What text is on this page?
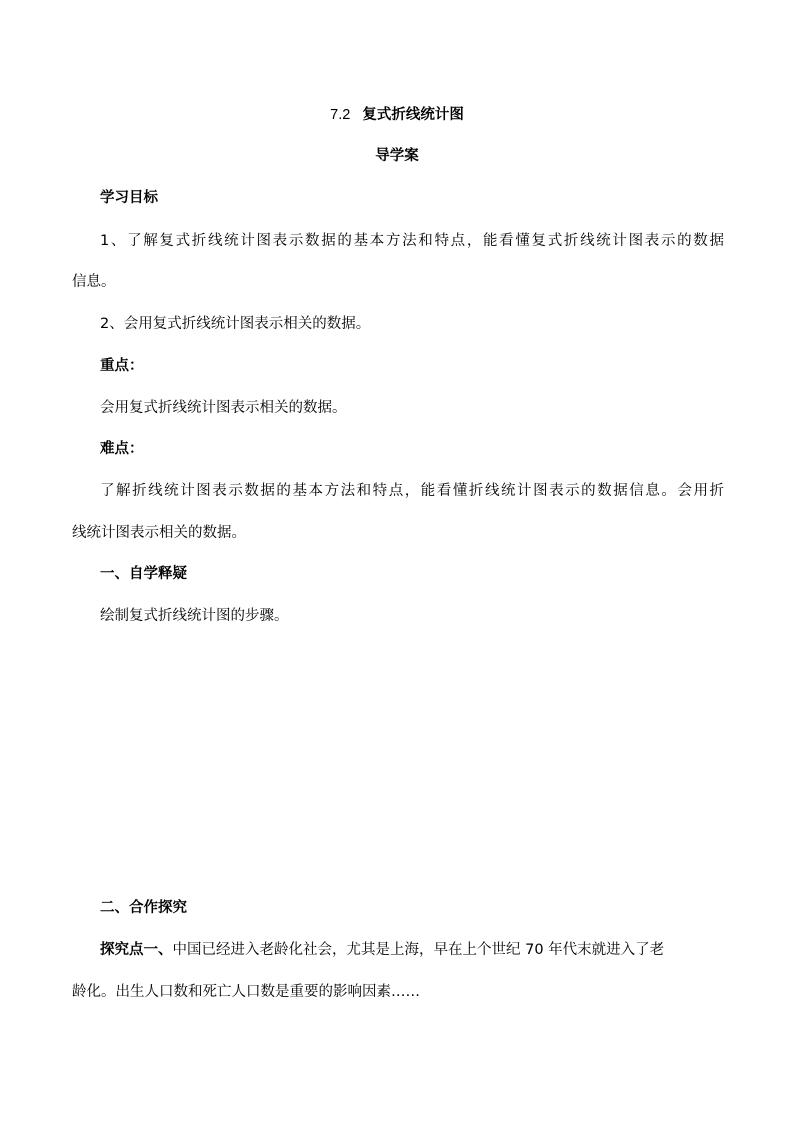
7.2 复式折线统计图
导学案
学习目标
1、了解复式折线统计图表示数据的基本方法和特点，能看懂复式折线统计图表示的数据
信息。
2、会用复式折线统计图表示相关的数据。
重点：
会用复式折线统计图表示相关的数据。
难点：
了解折线统计图表示数据的基本方法和特点，能看懂折线统计图表示的数据信息。会用折
线统计图表示相关的数据。
一、自学释疑
绘制复式折线统计图的步骤。
二、合作探究
探究点一、中国已经进入老龄化社会，尤其是上海，早在上个世纪 70 年代末就进入了老
龄化。出生人口数和死亡人口数是重要的影响因素……
